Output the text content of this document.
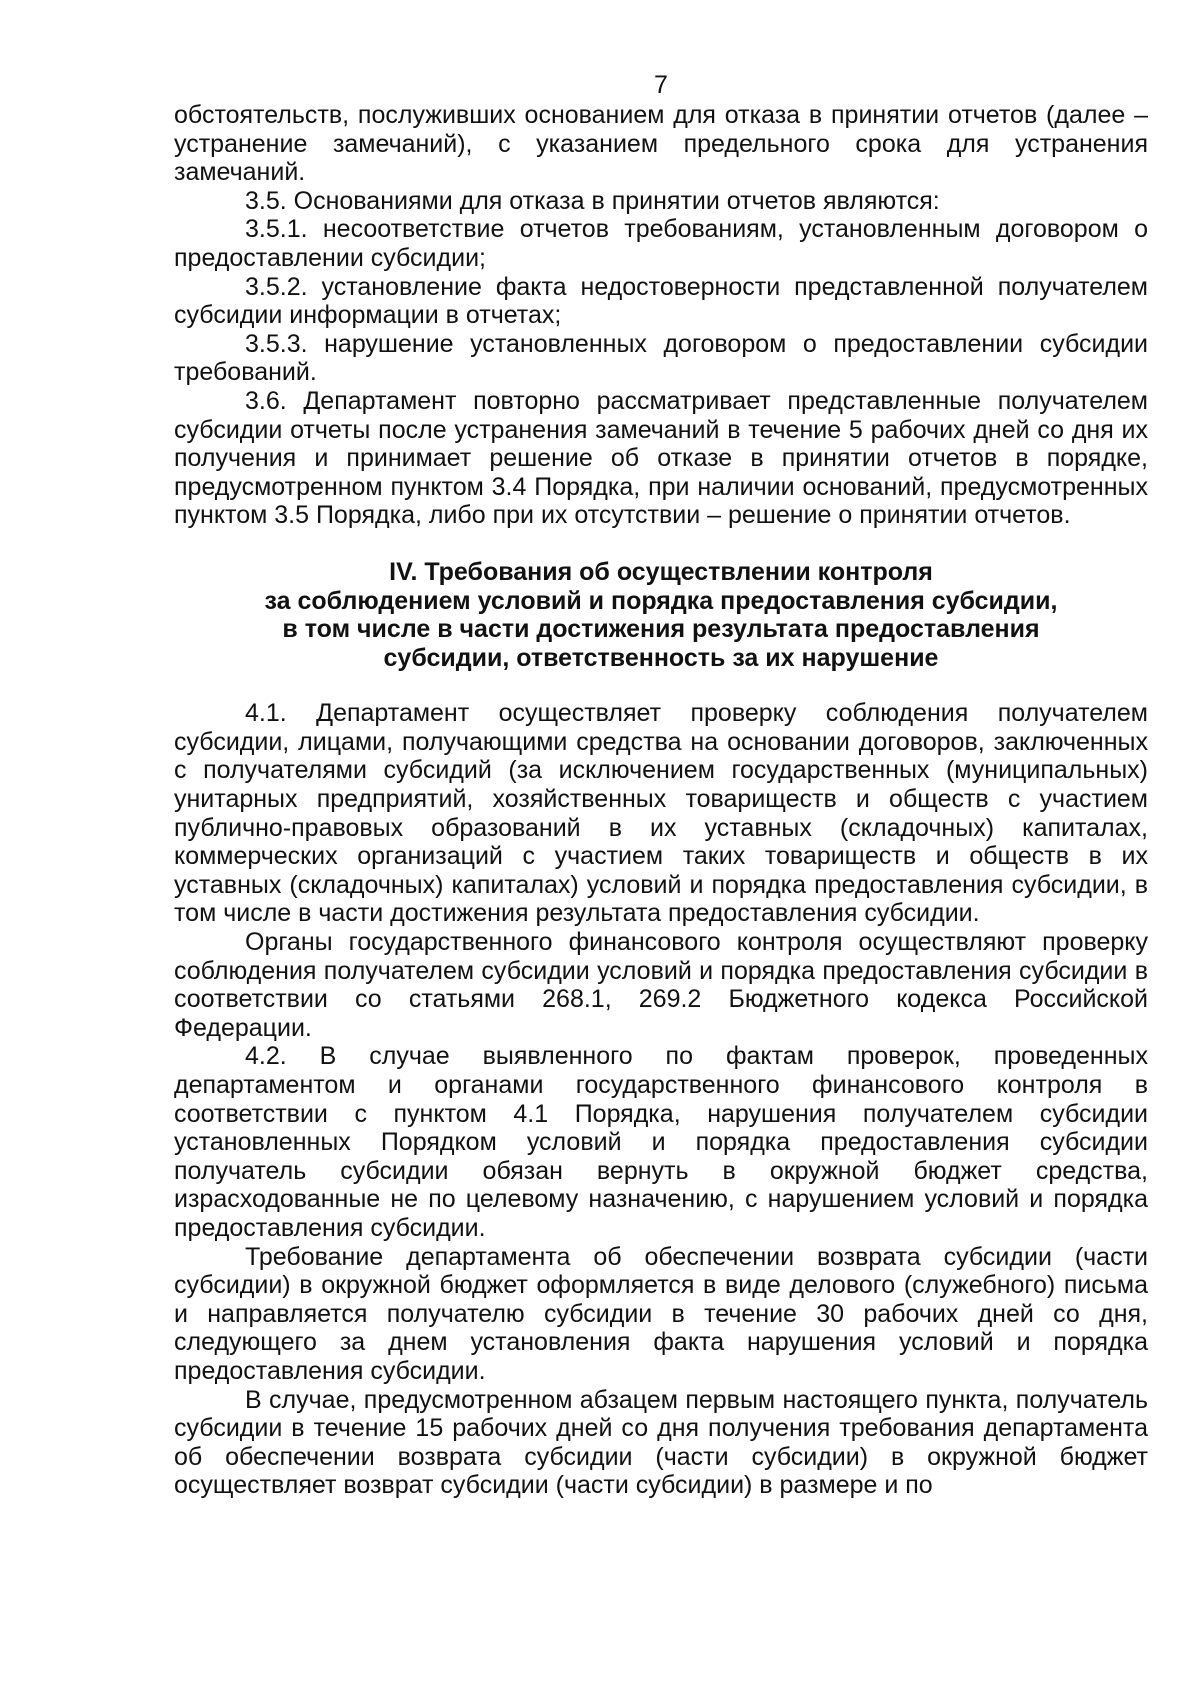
7

обстоятельств, послуживших основанием для отказа в принятии отчетов (далее – устранение замечаний), с указанием предельного срока для устранения замечаний.

3.5. Основаниями для отказа в принятии отчетов являются:

3.5.1. несоответствие отчетов требованиям, установленным договором о предоставлении субсидии;

3.5.2. установление факта недостоверности представленной получателем субсидии информации в отчетах;

3.5.3. нарушение установленных договором о предоставлении субсидии требований.

3.6. Департамент повторно рассматривает представленные получателем субсидии отчеты после устранения замечаний в течение 5 рабочих дней со дня их получения и принимает решение об отказе в принятии отчетов в порядке, предусмотренном пунктом 3.4 Порядка, при наличии оснований, предусмотренных пунктом 3.5 Порядка, либо при их отсутствии – решение о принятии отчетов.

IV. Требования об осуществлении контроля
за соблюдением условий и порядка предоставления субсидии,
в том числе в части достижения результата предоставления
субсидии, ответственность за их нарушение

4.1. Департамент осуществляет проверку соблюдения получателем субсидии, лицами, получающими средства на основании договоров, заключенных с получателями субсидий (за исключением государственных (муниципальных) унитарных предприятий, хозяйственных товариществ и обществ с участием публично-правовых образований в их уставных (складочных) капиталах, коммерческих организаций с участием таких товариществ и обществ в их уставных (складочных) капиталах) условий и порядка предоставления субсидии, в том числе в части достижения результата предоставления субсидии.

Органы государственного финансового контроля осуществляют проверку соблюдения получателем субсидии условий и порядка предоставления субсидии в соответствии со статьями 268.1, 269.2 Бюджетного кодекса Российской Федерации.

4.2. В случае выявленного по фактам проверок, проведенных департаментом и органами государственного финансового контроля в соответствии с пунктом 4.1 Порядка, нарушения получателем субсидии установленных Порядком условий и порядка предоставления субсидии получатель субсидии обязан вернуть в окружной бюджет средства, израсходованные не по целевому назначению, с нарушением условий и порядка предоставления субсидии.

Требование департамента об обеспечении возврата субсидии (части субсидии) в окружной бюджет оформляется в виде делового (служебного) письма и направляется получателю субсидии в течение 30 рабочих дней со дня, следующего за днем установления факта нарушения условий и порядка предоставления субсидии.

В случае, предусмотренном абзацем первым настоящего пункта, получатель субсидии в течение 15 рабочих дней со дня получения требования департамента об обеспечении возврата субсидии (части субсидии) в окружной бюджет осуществляет возврат субсидии (части субсидии) в размере и по
